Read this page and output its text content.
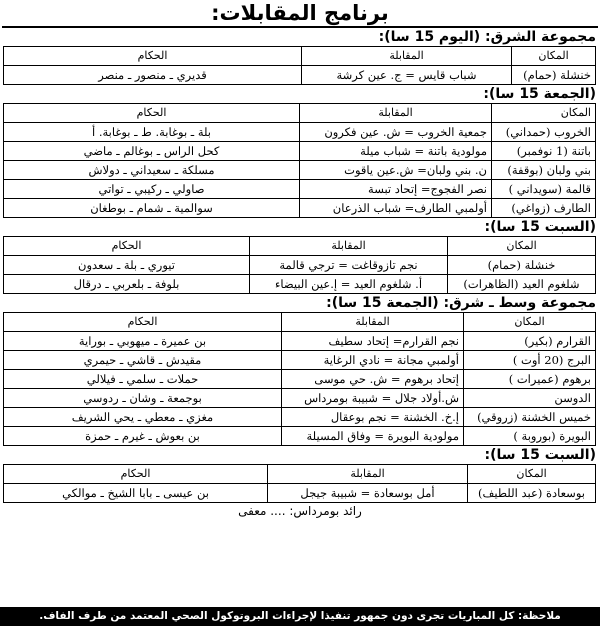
برنامج المقابلات:
مجموعة الشرق: (اليوم 15 سا):
المكان	المقابلة	الحكام
خنشلة (حمام)	شباب قايس = ج. عين كرشة	قديري ـ منصور ـ منصر
(الجمعة 15 سا):
المكان	المقابلة	الحكام
الخروب (حمداني)	جمعية الخروب = ش. عين فكرون	بلة ـ بوغابة. ط ـ بوغابة. أ
باتنة (1 نوفمبر)	مولودية باتنة = شباب ميلة	كحل الراس ـ بوغالم ـ ماضي
بني ولبان (بوقفة)	ن. بني ولبان= ش.عين ياقوت	مسلكة ـ سعيداني ـ دولاش
قالمة (سويداني )	نصر الفجوج= إتحاد تبسة	صاولي ـ ركيبي ـ تواتي
الطارف (زواغي)	أولمبي الطارف= شباب الذرعان	سوالمية ـ شمام ـ بوطغان
(السبت 15 سا):
المكان	المقابلة	الحكام
خنشلة (حمام)	نجم تازوقاغت = ترجي قالمة	تيوري ـ بلة ـ سعدون
شلغوم العيد (الظاهرات)	أ. شلغوم العيد = إ.عين البيضاء	بلوفة ـ بلعربي ـ درقال
مجموعة وسط ـ شرق: (الجمعة 15 سا):
المكان	المقابلة	الحكام
القرارم (بكير)	نجم القرارم= إتحاد سطيف	بن عميرة ـ ميهوبي ـ بوراية
البرج (20 أوت )	أولمبي مجانة = نادي الرغاية	مقيدش ـ قاشي ـ حيمري
برهوم (عميرات )	إتحاد برهوم = ش. حي موسى	حملات ـ سلمي ـ فيلالي
الدوسن	ش.أولاد جلال = شبيبة بومرداس	بوجمعة ـ وشان ـ ردوسي
خميس الخشنة (زروقي)	إ.خ. الخشنة = نجم بوعقال	مغزي ـ معطي ـ يحي الشريف
البويرة (بوروبة )	مولودية البويرة = وفاق المسيلة	بن بعوش ـ غيرم ـ حمزة
(السبت 15 سا):
المكان	المقابلة	الحكام
بوسعادة (عبد اللطيف)	أمل بوسعادة = شبيبة جيجل	بن عيسى ـ بابا الشيخ ـ موالكي
رائد بومرداس: .... معفى
ملاحظة: كل المباريات تجرى دون جمهور تنفيذا لإجراءات البروتوكول الصحي المعتمد من طرف الفاف.
